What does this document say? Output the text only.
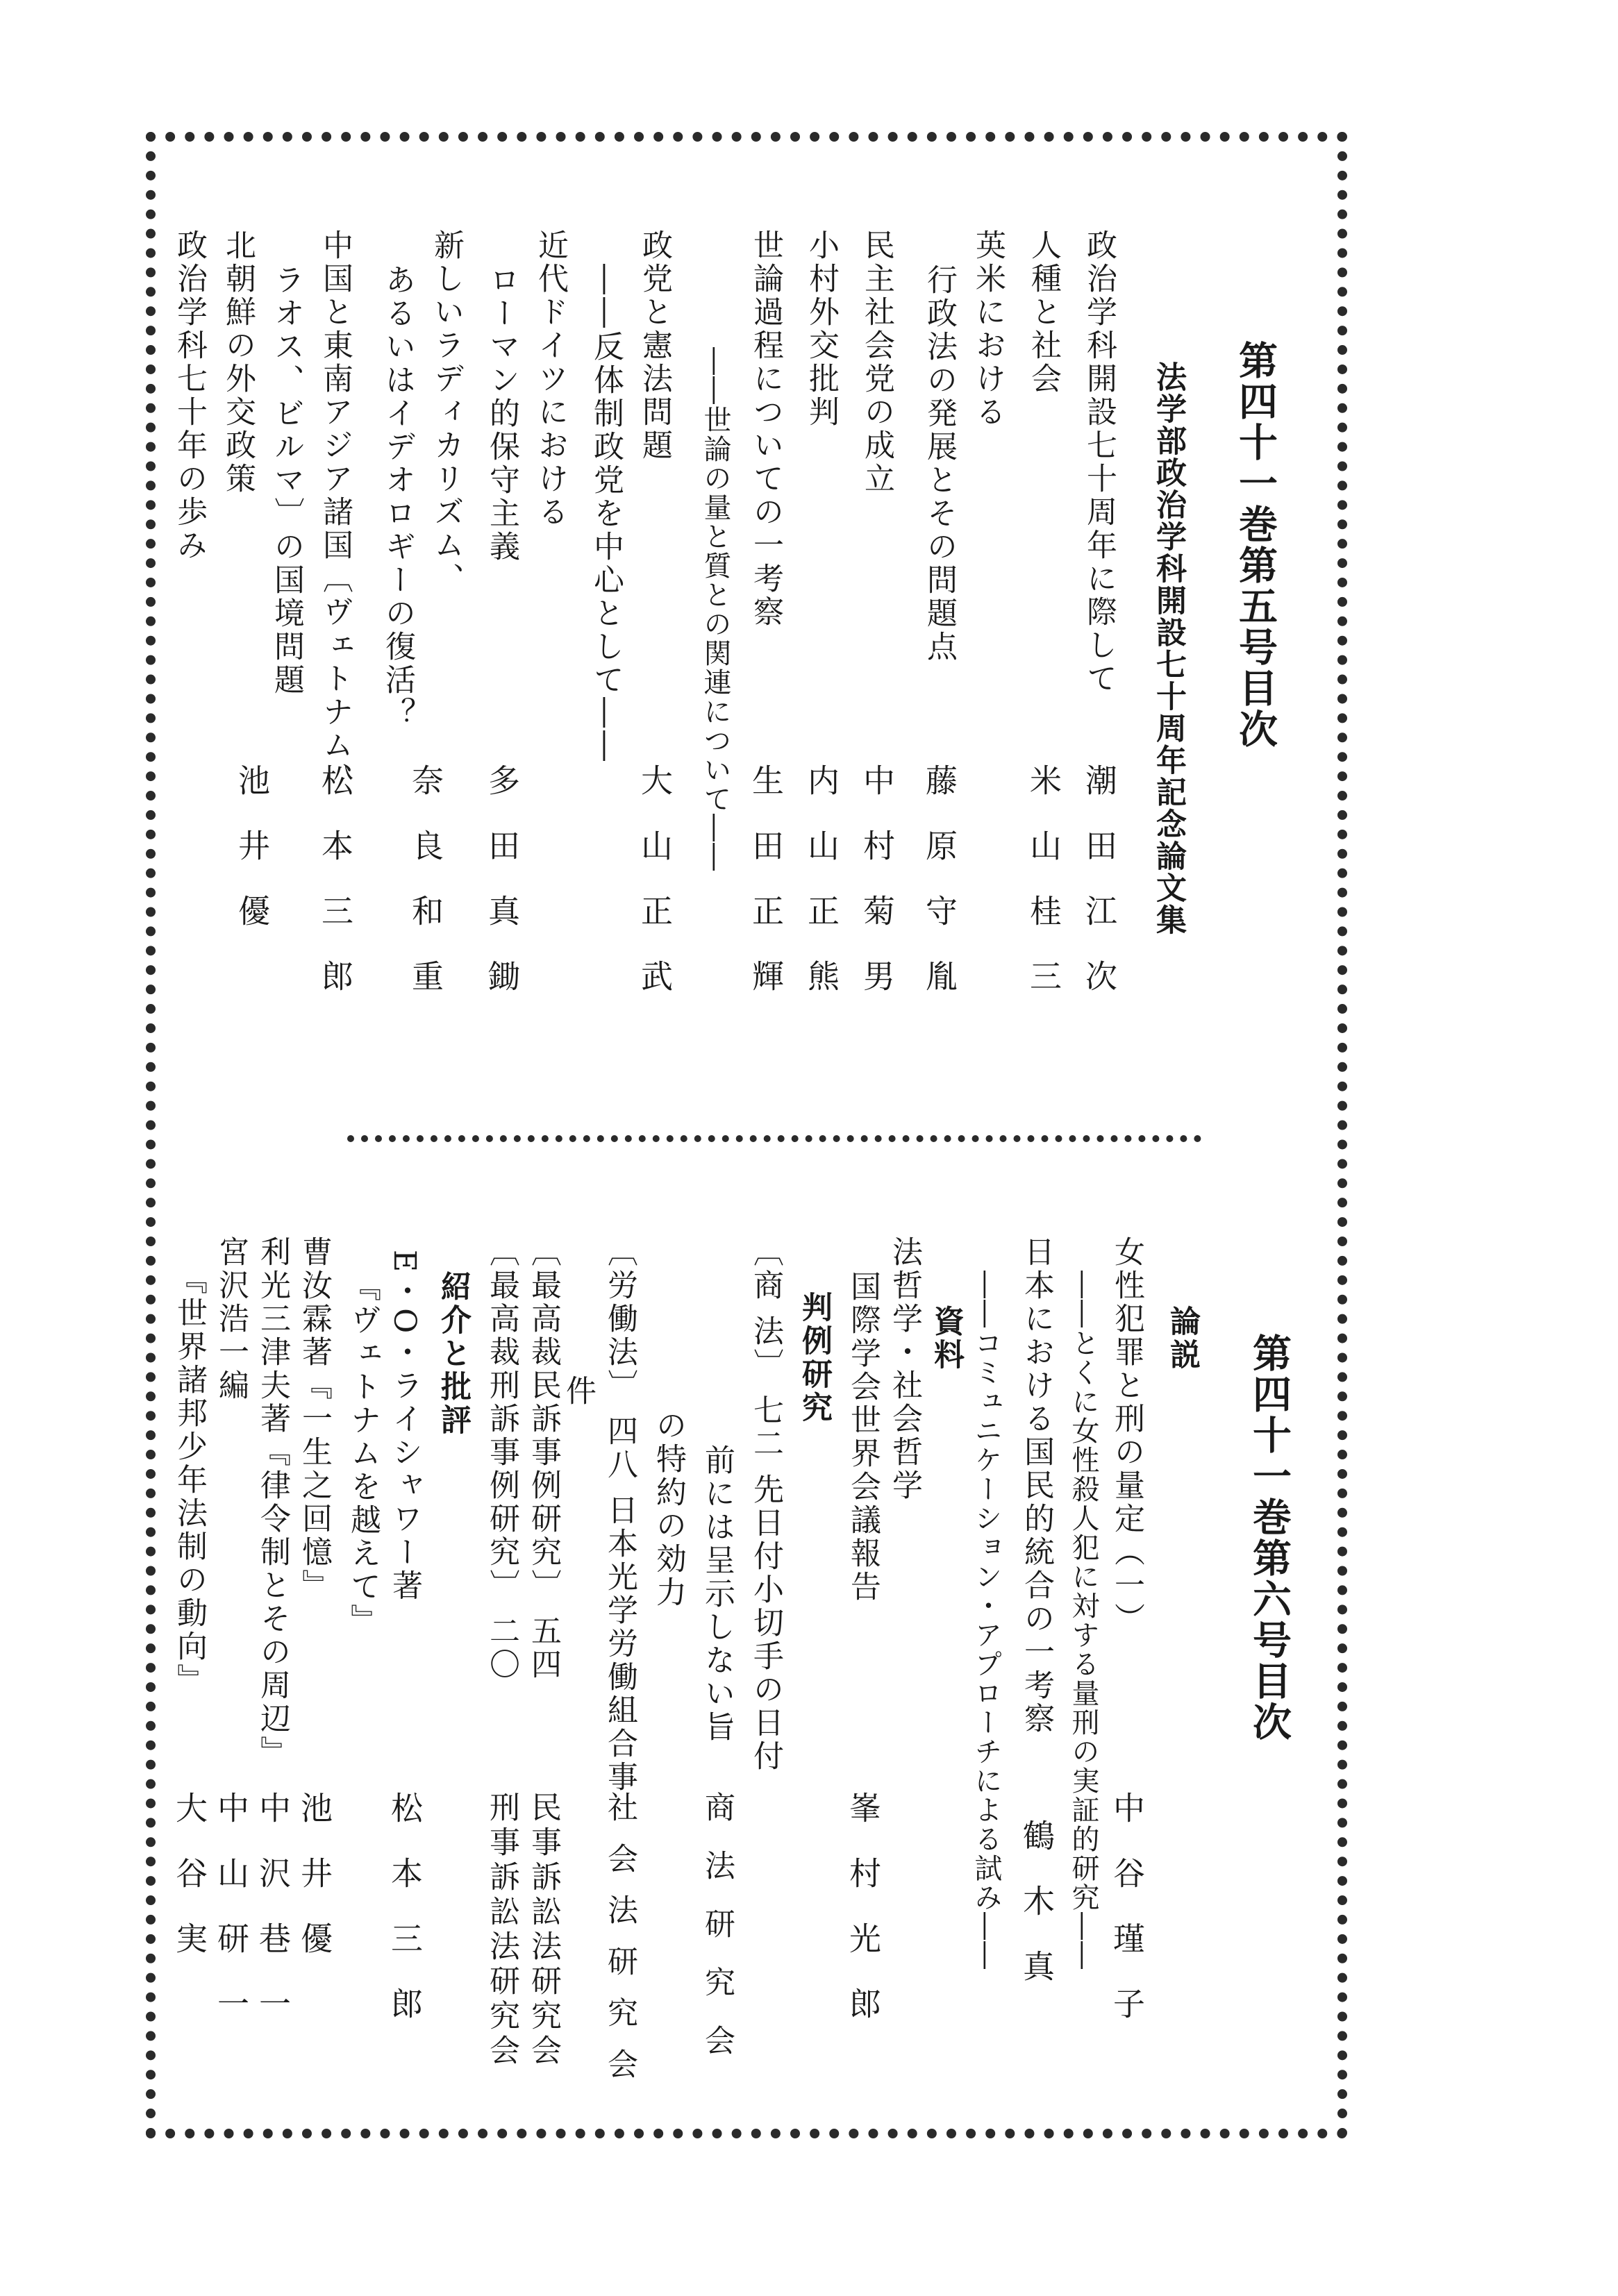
第四十一巻第五号目次
法学部政治学科開設七十周年記念論文集
政治学科開設七十周年に際して
人種と社会
英米における
行政法の発展とその問題点
民主社会党の成立
小村外交批判
世論過程についての一考察
――世論の量と質との関連について――
政党と憲法問題
――反体制政党を中心として――
近代ドイツにおける
ローマン的保守主義
新しいラディカリズム、
あるいはイデオロギーの復活？
中国と東南アジア諸国〔ヴェトナム、
ラオス、ビルマ〕の国境問題
北朝鮮の外交政策
政治学科七十年の歩み
潮田江次
米山桂三
藤原守胤
中村菊男
内山正熊
生田正輝
大山正武
多田真鋤
奈良和重
松本三郎
池井優
第四十一巻第六号目次
論説
女性犯罪と刑の量定（一）
――とくに女性殺人犯に対する量刑の実証的研究――
日本における国民的統合の一考察
――コミュニケーション・アプローチによる試み――
資料
法哲学・社会哲学
国際学会世界会議報告
判例研究
〔商 法〕 七二 先日付小切手の日付
前には呈示しない旨
の特約の効力
〔労働法〕 四八 日本光学労働組合事
件
〔最高裁民訴事例研究〕 五四
〔最高裁刑訴事例研究〕 二〇
紹介と批評
E・O・ライシャワー著
『ヴェトナムを越えて』
曹汝霖著『一生之回憶』
利光三津夫著『律令制とその周辺』
宮沢浩一編
『世界諸邦少年法制の動向』
中谷瑾子
鶴木真
峯村光郎
商法研究会
社会法研究会
民事訴訟法研究会
刑事訴訟法研究会
松本三郎
池井優
中沢巷一
中山研一
大谷実
